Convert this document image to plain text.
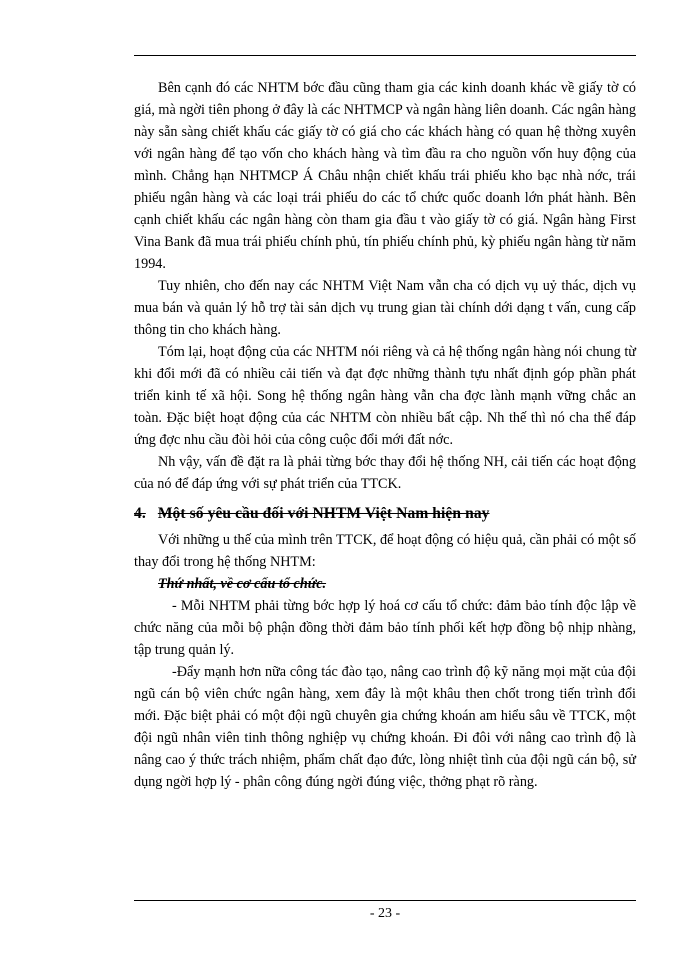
Bên cạnh đó các NHTM bớc đầu cũng tham gia các kinh doanh khác về giấy tờ có giá, mà ngời tiên phong ở đây là các NHTMCP và ngân hàng liên doanh. Các ngân hàng này sẵn sàng chiết khấu các giấy tờ có giá cho các khách hàng có quan hệ thờng xuyên với ngân hàng để tạo vốn cho khách hàng và tìm đầu ra cho nguồn vốn huy động của mình. Chẳng hạn NHTMCP Á Châu nhận chiết khấu trái phiếu kho bạc nhà nớc, trái phiếu ngân hàng và các loại trái phiếu do các tổ chức quốc doanh lớn phát hành. Bên cạnh chiết khấu các ngân hàng còn tham gia đầu t vào giấy tờ có giá. Ngân hàng First Vina Bank đã mua trái phiếu chính phủ, tín phiếu chính phủ, kỳ phiếu ngân hàng từ năm 1994.

Tuy nhiên, cho đến nay các NHTM Việt Nam vẫn cha có dịch vụ uỷ thác, dịch vụ mua bán và quản lý hỗ trợ tài sản dịch vụ trung gian tài chính dới dạng t vấn, cung cấp thông tin cho khách hàng.

Tóm lại, hoạt động của các NHTM nói riêng và cả hệ thống ngân hàng nói chung từ khi đổi mới đã có nhiều cải tiến và đạt đợc những thành tựu nhất định góp phần phát triển kinh tế xã hội. Song hệ thống ngân hàng vẫn cha đợc lành mạnh vững chắc an toàn. Đặc biệt hoạt động của các NHTM còn nhiều bất cập. Nh thế thì nó cha thể đáp ứng đợc nhu cầu đòi hỏi của công cuộc đổi mới đất nớc.

Nh vậy, vấn đề đặt ra là phải từng bớc thay đổi hệ thống NH, cải tiến các hoạt động của nó để đáp ứng với sự phát triển của TTCK.

4. Một số yêu cầu đối với NHTM Việt Nam hiện nay

Với những u thế của mình trên TTCK, để hoạt động có hiệu quả, cần phải có một số thay đổi trong hệ thống NHTM:

Thứ nhất, về cơ cấu tổ chức.

- Mỗi NHTM phải từng bớc hợp lý hoá cơ cấu tổ chức: đảm bảo tính độc lập về chức năng của mỗi bộ phận đồng thời đảm bảo tính phối kết hợp đồng bộ nhịp nhàng, tập trung quản lý.

-Đẩy mạnh hơn nữa công tác đào tạo, nâng cao trình độ kỹ năng mọi mặt của đội ngũ cán bộ viên chức ngân hàng, xem đây là một khâu then chốt trong tiến trình đổi mới. Đặc biệt phải có một đội ngũ chuyên gia chứng khoán am hiểu sâu về TTCK, một đội ngũ nhân viên tinh thông nghiệp vụ chứng khoán. Đi đôi với nâng cao trình độ là nâng cao ý thức trách nhiệm, phẩm chất đạo đức, lòng nhiệt tình của đội ngũ cán bộ, sử dụng ngời hợp lý - phân công đúng ngời đúng việc, thởng phạt rõ ràng.

- 23 -
